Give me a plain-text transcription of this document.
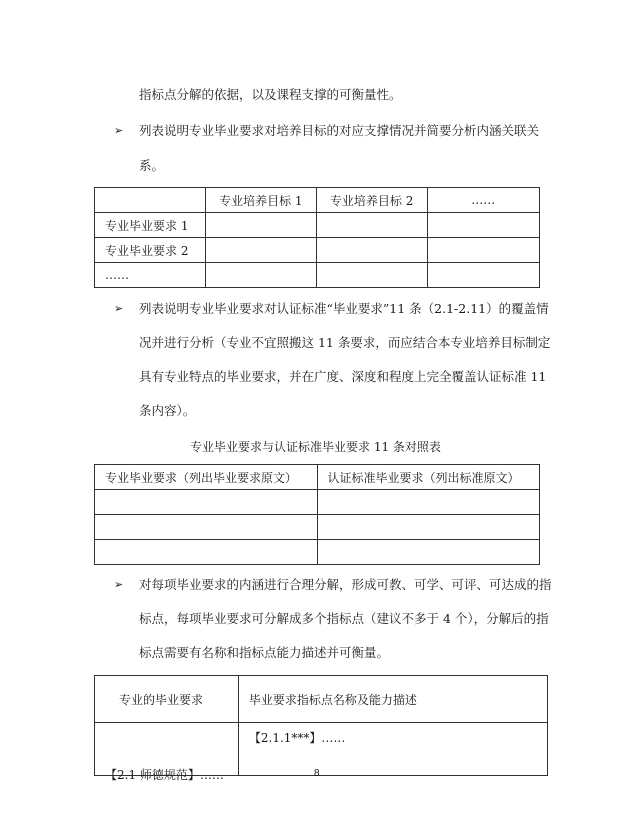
指标点分解的依据，以及课程支撑的可衡量性。
➢ 列表说明专业毕业要求对培养目标的对应支撑情况并简要分析内涵关联关
系。
	专业培养目标 1	专业培养目标 2	……
专业毕业要求 1			
专业毕业要求 2			
……			
➢ 列表说明专业毕业要求对认证标准“毕业要求”11 条（2.1-2.11）的覆盖情
况并进行分析（专业不宜照搬这 11 条要求，而应结合本专业培养目标制定
具有专业特点的毕业要求，并在广度、深度和程度上完全覆盖认证标准 11
条内容）。
专业毕业要求与认证标准毕业要求 11 条对照表
专业毕业要求（列出毕业要求原文）	认证标准毕业要求（列出标准原文）

➢ 对每项毕业要求的内涵进行合理分解，形成可教、可学、可评、可达成的指
标点，每项毕业要求可分解成多个指标点（建议不多于 4 个），分解后的指
标点需要有名称和指标点能力描述并可衡量。
专业的毕业要求	毕业要求指标点名称及能力描述
【2.1 师德规范】……	【2.1.1***】……
8
